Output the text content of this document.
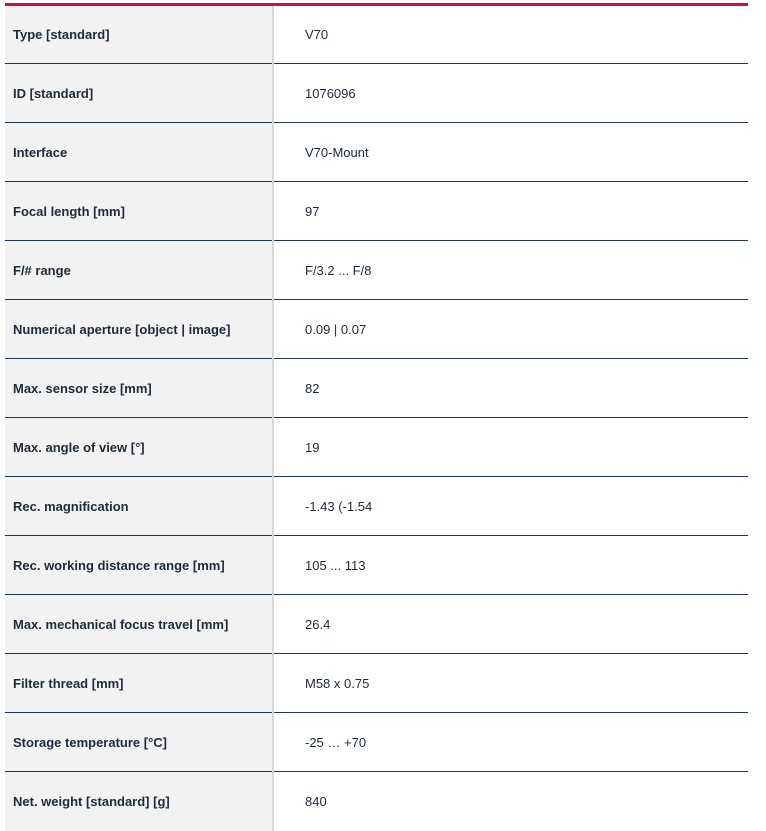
Type [standard]	V70
ID [standard]	1076096
Interface	V70-Mount
Focal length [mm]	97
F/# range	F/3.2 ... F/8
Numerical aperture [object | image]	0.09 | 0.07
Max. sensor size [mm]	82
Max. angle of view [°]	19
Rec. magnification	-1.43 (-1.54
Rec. working distance range [mm]	105 ... 113
Max. mechanical focus travel [mm]	26.4
Filter thread [mm]	M58 x 0.75
Storage temperature [°C]	-25 … +70
Net. weight [standard] [g]	840
